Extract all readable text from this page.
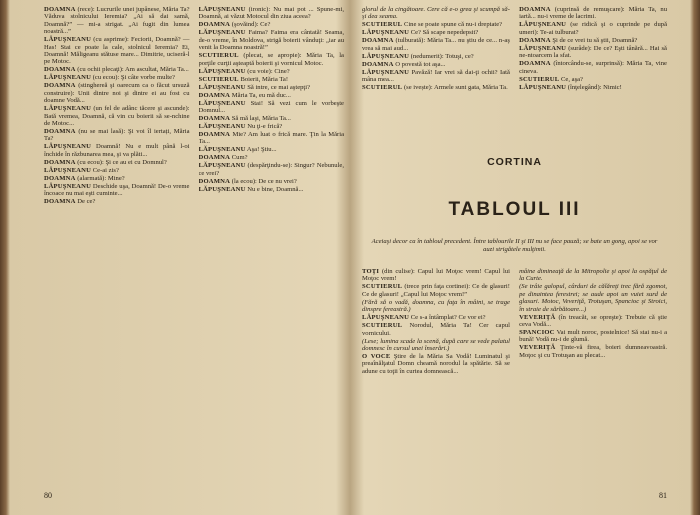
DOAMNA (rece): Lucrurile unei jupânese, Măria Ta? Văduva stolnicului Ieremia? „Ai să dai samă, Doamnă?” — mi-a strigat. „Ai fugit din lumea noastră...”

LĂPUŞNEANU (cu asprime): Feciorii, Doamnă? — Has! Stai ce poate la cale, stolnicul Ieremia? Ei, Doamnă! Măligeanu stătuse mare... Dimitrie, uciseră-l pe Motoc.

DOAMNA (cu ochii plecaţi): Am ascultat, Măria Ta...

LĂPUŞNEANU (cu ecou): Şi câte vorbe multe?

DOAMNA (stinghereă şi oarecum ca o făcut ursuză construire): Unii dintre noi şi dintre ei au fost cu doamne Vodă...

LĂPUŞNEANU (un fel de adânc tăcere şi ascunde): Bată vremea, Doamnă, că vin cu boierii să se-nchine de Motoc...

DOAMNA (nu se mai lasă): Şi voi îl iertați, Măria Ta?

LĂPUŞNEANU Doamnă! Nu e mult până l-oi închide în răzbunarea mea, şi va plăti...

DOAMNA (cu ecou): Şi ce au ei cu Domnul?

LĂPUŞNEANU Ce-ai zis?

DOAMNA (alarmată): Mine?

LĂPUŞNEANU Deschide uşa, Doamnă! De-o vreme încoace nu mai eşti cuminte...

DOAMNA De ce?

LĂPUŞNEANU (ironic): Nu mai pot ... Spune-mi, Doamnă, ai văzut Motocul din ziua aceea?

DOAMNA (şovăind): Ce?

LĂPUŞNEANU Faima? Faima era cântată! Seama, de-o vreme, în Moldova, strigă boierii vânduţi: „iar au venit la Doamna noastră!”

SCUTIERUL (plecat, se apropie): Măria Ta, la porţile curţii aşteaptă boierii şi vornicul Motoc.

LĂPUŞNEANU (cu voie): Cine?

SCUTIERUL Boierii, Măria Ta!

LĂPUŞNEANU Să intre, ce mai aştepţi?

DOAMNA Măria Ta, eu mă duc...

LĂPUŞNEANU Stai! Să vezi cum le vorbeşte Domnul...

DOAMNA Să mă laşi, Măria Ta...

LĂPUŞNEANU Nu ţi-e frică?

DOAMNA Mie? Am luat o frică mare. Ţin la Măria Ta...

LĂPUŞNEANU Aşa! Ştiu...

DOAMNA Cum?

LĂPUŞNEANU (despărţindu-se): Singur? Nebunule, ce vrei?

DOAMNA (la ecou): De ce nu vrei?

LĂPUŞNEANU Nu e bine, Doamnă...

80

glorul de la cingătoare. Cere că e-o grea şi scumpă să-şi dea seama.

SCUTIERUL Cine se poate spune că nu-i dreptate?

LĂPUŞNEANU Ce? Să scape nepedepsit?

DOAMNA (tulburată): Măria Ta... nu ştiu de ce... n-aş vrea să mai aud...

LĂPUŞNEANU (nedumerit): Totuşi, ce?

DOAMNA O povestă tot aşa...

LĂPUŞNEANU Pavăză! Iar vrei să dai-ţi ochii? Iată mâna mea...

SCUTIERUL (se ivește): Armele sunt gata, Măria Ta.

DOAMNA (cuprinsă de remuşcare): Măria Ta, nu iartă... nu-i vreme de lacrimi.

LĂPUŞNEANU (se ridică şi o cuprinde pe după umeri): Te-ai tulburat?

DOAMNA Şi de ce vrei tu să ştii, Doamnă?

LĂPUŞNEANU (surâde): De ce? Eşti tânără... Hai să ne-ntoarcem la sfat.

DOAMNA (întorcându-se, surprinsă): Măria Ta, vine cineva.

SCUTIERUL Ce, aşa?

LĂPUŞNEANU (înţelegând): Nimic!

CORTINA
TABLOUL III
Aceiaşi decor ca în tabloul precedent. Între tablourile II şi III nu se face pauză; se bate un gong, apoi se vor auzi strigătele mulţimii.

TOŢI (din culise): Capul lui Moţoc vrem! Capul lui Moţoc vrem!

SCUTIERUL (trece prin faţa cortinei): Ce de glasuri! Ce de glasuri! „Capul lui Moţoc vrem!”

(Fără să o vadă, doamna, cu faţa în mâini, se trage dinspre fereastră.)

LĂPUŞNEANU Ce s-a întâmplat? Ce vor ei?

SCUTIERUL Norodul, Măria Ta! Cer capul vornicului.

(Lese; lumina scade la scenă, după care se vede palatul domnesc în cursul unei înserări.)

O VOCE Ştire de la Măria Sa Vodă! Luminatul şi preaînălţatul Domn cheamă norodul la spătărie. Să se adune cu toţii în curtea domnească...

mâine dimineaţă de la Mitropolie şi apoi la ospăţul de la Curte.

(Se trâie galopul, cârduri de călăreţi trec fără zgomot, pe dinaintea ferestrei; se aude apoi un vuiet surd de glasuri. Motoc, Veveriţă, Trotuşan, Spancioc şi Stroici, în straie de sărbătoare...)

VEVERIŢĂ (în treacăt, se opreşte): Trebuie că ştie ceva Vodă...

SPANCIOC Vai mult noroc, postelnice! Să stai nu-i a bună! Vodă nu-i de glumă.

VEVERIŢĂ Ţinte-vă firea, boieri dumneavoastră. Moţoc şi cu Trotuşan au plecat...

81
